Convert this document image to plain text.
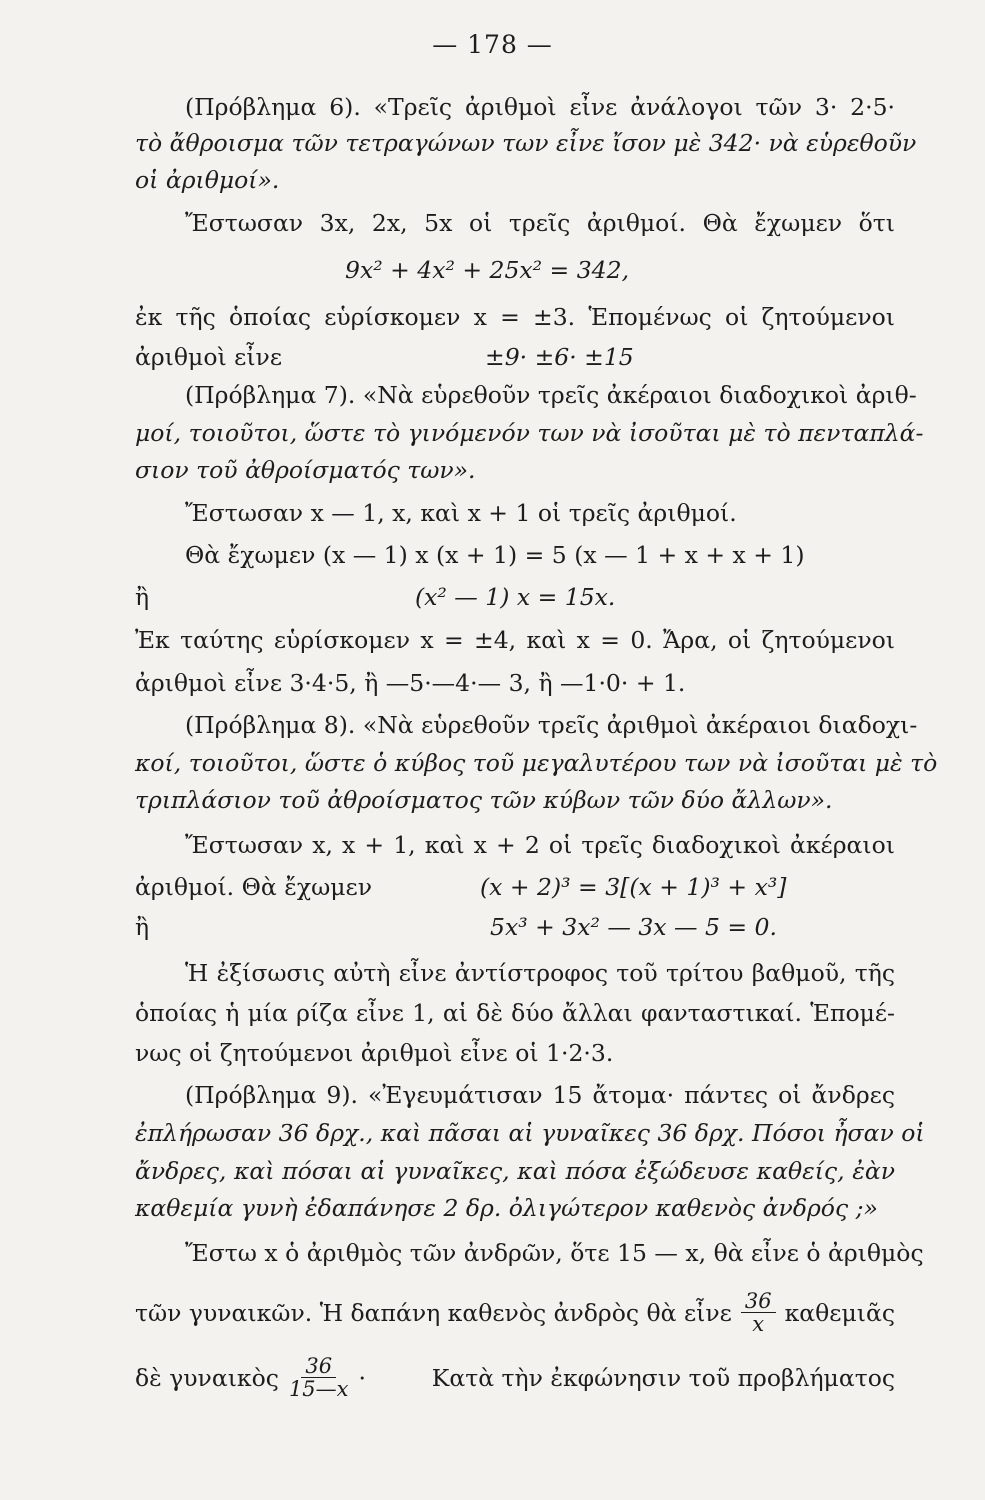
— 178 —
(Πρόβλημα 6). «Τρεῖς ἀριθμοὶ εἶνε ἀνάλογοι τῶν 3· 2·5·
τὸ ἄθροισμα τῶν τετραγώνων των εἶνε ἴσον μὲ 342· νὰ εὑρεθοῦν
οἱ ἀριθμοί».
Ἔστωσαν 3x, 2x, 5x οἱ τρεῖς ἀριθμοί. Θὰ ἔχωμεν ὅτι
9x² + 4x² + 25x² = 342,
ἐκ τῆς ὁποίας εὑρίσκομεν x = ±3. Ἑπομένως οἱ ζητούμενοι
ἀριθμοὶ εἶνε	±9· ±6· ±15
(Πρόβλημα 7). «Νὰ εὑρεθοῦν τρεῖς ἀκέραιοι διαδοχικοὶ ἀριθ-
μοί, τοιοῦτοι, ὥστε τὸ γινόμενόν των νὰ ἰσοῦται μὲ τὸ πενταπλά-
σιον τοῦ ἀθροίσματός των».
Ἔστωσαν x — 1, x, καὶ x + 1 οἱ τρεῖς ἀριθμοί.
Θὰ ἔχωμεν (x — 1) x (x + 1) = 5 (x — 1 + x + x + 1)
ἢ	(x² — 1) x = 15x.
Ἐκ ταύτης εὑρίσκομεν x = ±4, καὶ x = 0. Ἄρα, οἱ ζητούμενοι
ἀριθμοὶ εἶνε 3·4·5, ἢ —5·—4·— 3, ἢ —1·0· + 1.
(Πρόβλημα 8). «Νὰ εὑρεθοῦν τρεῖς ἀριθμοὶ ἀκέραιοι διαδοχι-
κοί, τοιοῦτοι, ὥστε ὁ κύβος τοῦ μεγαλυτέρου των νὰ ἰσοῦται μὲ τὸ
τριπλάσιον τοῦ ἀθροίσματος τῶν κύβων τῶν δύο ἄλλων».
Ἔστωσαν x, x + 1, καὶ x + 2 οἱ τρεῖς διαδοχικοὶ ἀκέραιοι
ἀριθμοί. Θὰ ἔχωμεν	(x + 2)³ = 3[(x + 1)³ + x³]
ἢ	5x³ + 3x² — 3x — 5 = 0.
Ἡ ἐξίσωσις αὐτὴ εἶνε ἀντίστροφος τοῦ τρίτου βαθμοῦ, τῆς
ὁποίας ἡ μία ρίζα εἶνε 1, αἱ δὲ δύο ἄλλαι φανταστικαί. Ἑπομέ-
νως οἱ ζητούμενοι ἀριθμοὶ εἶνε οἱ 1·2·3.
(Πρόβλημα 9). «Ἐγευμάτισαν 15 ἄτομα· πάντες οἱ ἄνδρες
ἐπλήρωσαν 36 δρχ., καὶ πᾶσαι αἱ γυναῖκες 36 δρχ. Πόσοι ἦσαν οἱ
ἄνδρες, καὶ πόσαι αἱ γυναῖκες, καὶ πόσα ἐξώδευσε καθείς, ἐὰν
καθεμία γυνὴ ἐδαπάνησε 2 δρ. ὀλιγώτερον καθενὸς ἀνδρός ;»
Ἔστω x ὁ ἀριθμὸς τῶν ἀνδρῶν, ὅτε 15 — x, θὰ εἶνε ὁ ἀριθμὸς
τῶν γυναικῶν. Ἡ δαπάνη καθενὸς ἀνδρὸς θὰ εἶνε $\frac{36}{x}$ καθεμιᾶς
δὲ γυναικὸς $\frac{36}{15—x}$ ·	Κατὰ τὴν ἐκφώνησιν τοῦ προβλήματος
